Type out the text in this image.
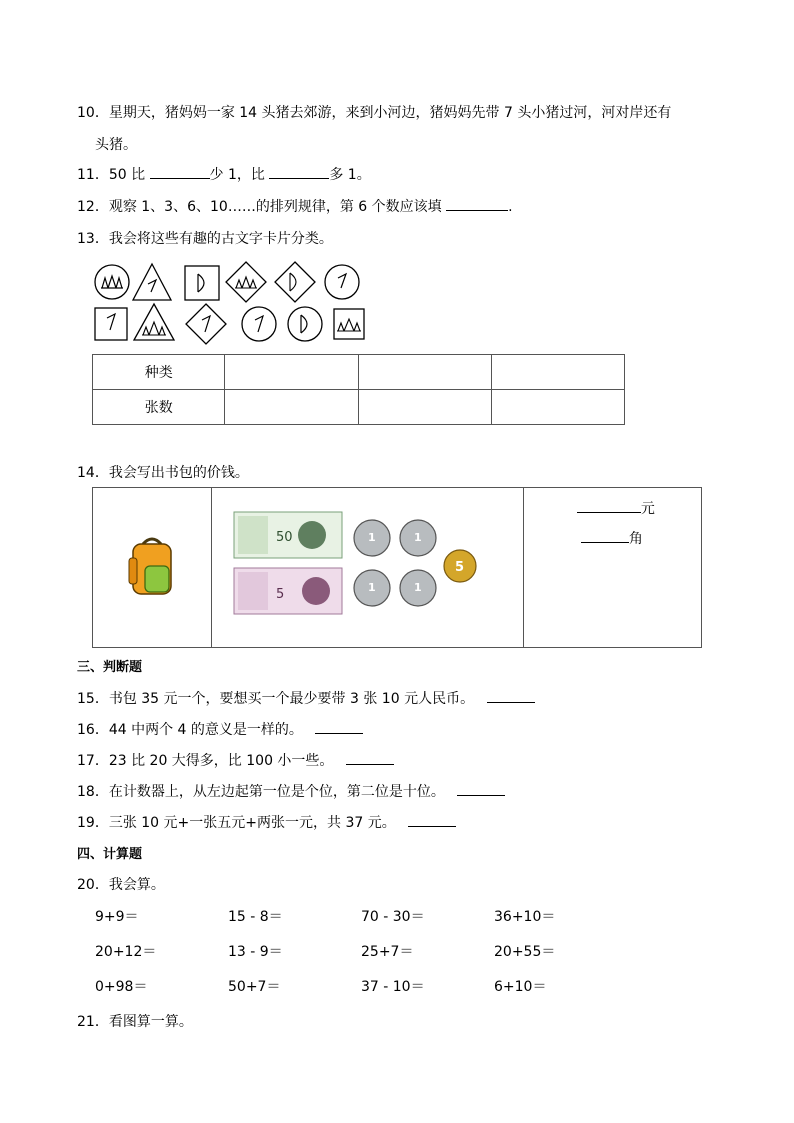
10．星期天，猪妈妈一家 14 头猪去郊游，来到小河边，猪妈妈先带 7 头小猪过河，河对岸还有
头猪。
11．50 比	少 1，比	多 1。
12．观察 1、3、6、10……的排列规律，第 6 个数应该填	.
13．我会将这些有趣的古文字卡片分类。
种类			
张数			
14．我会写出书包的价钱。

50
5
1	1
1	1
5

元
角
三、判断题
15．书包 35 元一个，要想买一个最少要带 3 张 10 元人民币。
16．44 中两个 4 的意义是一样的。
17．23 比 20 大得多，比 100 小一些。
18．在计数器上，从左边起第一位是个位，第二位是十位。
19．三张 10 元+一张五元+两张一元，共 37 元。
四、计算题
20．我会算。
9+9＝	15 - 8＝	70 - 30＝	36+10＝
20+12＝	13 - 9＝	25+7＝	20+55＝
0+98＝	50+7＝	37 - 10＝	6+10＝
21．看图算一算。
